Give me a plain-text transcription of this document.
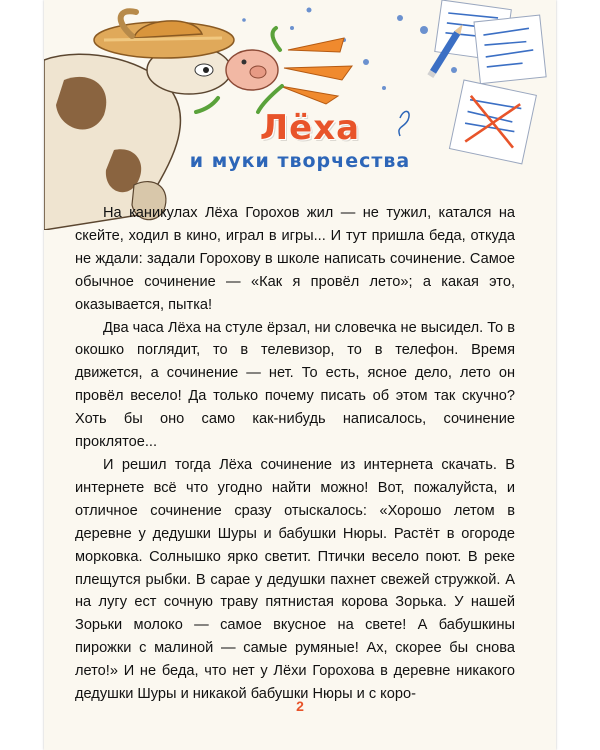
Лёха
и муки творчества

На каникулах Лёха Горохов жил — не тужил, катался на скейте, ходил в кино, играл в игры... И тут пришла беда, откуда не ждали: задали Горохову в школе написать сочинение. Самое обычное сочинение — «Как я провёл лето»; а какая это, оказывается, пытка!

Два часа Лёха на стуле ёрзал, ни словечка не высидел. То в окошко поглядит, то в телевизор, то в телефон. Время движется, а сочинение — нет. То есть, ясное дело, лето он провёл весело! Да только почему писать об этом так скучно? Хоть бы оно само как-нибудь написалось, сочинение проклятое...

И решил тогда Лёха сочинение из интернета скачать. В интернете всё что угодно найти можно! Вот, пожалуйста, и отличное сочинение сразу отыскалось: «Хорошо летом в деревне у дедушки Шуры и бабушки Нюры. Растёт в огороде морковка. Солнышко ярко светит. Птички весело поют. В реке плещутся рыбки. В сарае у дедушки пахнет свежей стружкой. А на лугу ест сочную траву пятнистая корова Зорька. У нашей Зорьки молоко — самое вкусное на свете! А бабушкины пирожки с малиной — самые румяные! Ах, скорее бы снова лето!» И не беда, что нет у Лёхи Горохова в деревне никакого дедушки Шуры и никакой бабушки Нюры и с коро-

2
